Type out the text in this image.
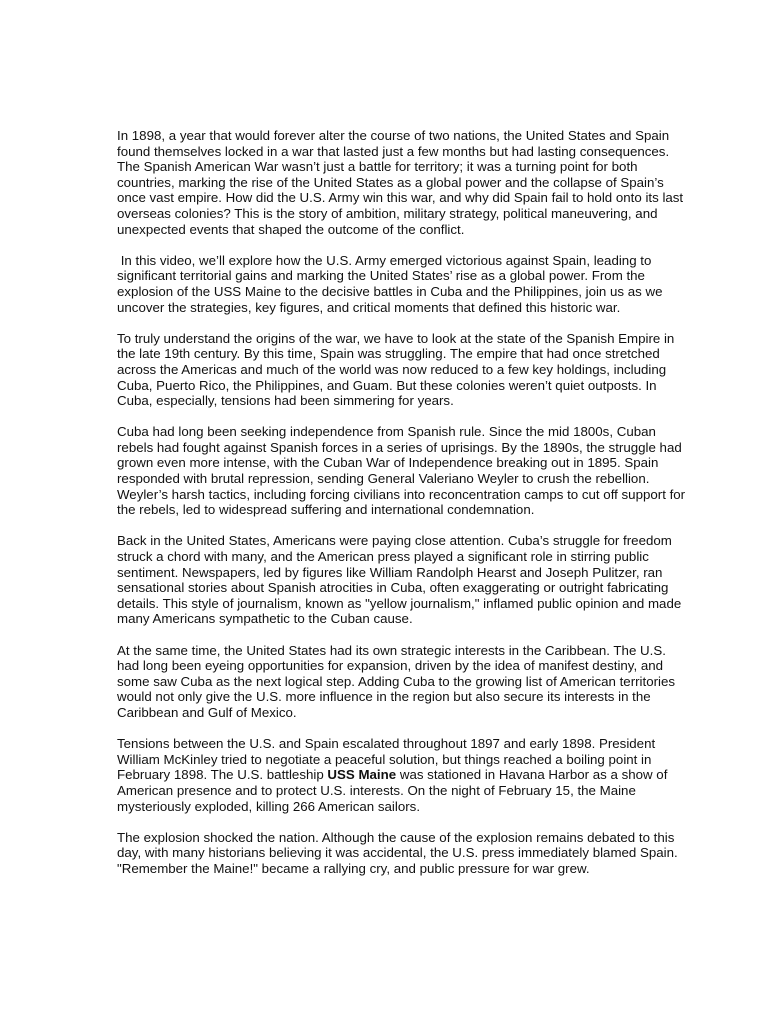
In 1898, a year that would forever alter the course of two nations, the United States and Spain found themselves locked in a war that lasted just a few months but had lasting consequences. The Spanish American War wasn’t just a battle for territory; it was a turning point for both countries, marking the rise of the United States as a global power and the collapse of Spain’s once vast empire. How did the U.S. Army win this war, and why did Spain fail to hold onto its last overseas colonies? This is the story of ambition, military strategy, political maneuvering, and unexpected events that shaped the outcome of the conflict.

In this video, we’ll explore how the U.S. Army emerged victorious against Spain, leading to significant territorial gains and marking the United States’ rise as a global power. From the explosion of the USS Maine to the decisive battles in Cuba and the Philippines, join us as we uncover the strategies, key figures, and critical moments that defined this historic war.

To truly understand the origins of the war, we have to look at the state of the Spanish Empire in the late 19th century. By this time, Spain was struggling. The empire that had once stretched across the Americas and much of the world was now reduced to a few key holdings, including Cuba, Puerto Rico, the Philippines, and Guam. But these colonies weren’t quiet outposts. In Cuba, especially, tensions had been simmering for years.

Cuba had long been seeking independence from Spanish rule. Since the mid 1800s, Cuban rebels had fought against Spanish forces in a series of uprisings. By the 1890s, the struggle had grown even more intense, with the Cuban War of Independence breaking out in 1895. Spain responded with brutal repression, sending General Valeriano Weyler to crush the rebellion. Weyler’s harsh tactics, including forcing civilians into reconcentration camps to cut off support for the rebels, led to widespread suffering and international condemnation.

Back in the United States, Americans were paying close attention. Cuba’s struggle for freedom struck a chord with many, and the American press played a significant role in stirring public sentiment. Newspapers, led by figures like William Randolph Hearst and Joseph Pulitzer, ran sensational stories about Spanish atrocities in Cuba, often exaggerating or outright fabricating details. This style of journalism, known as "yellow journalism," inflamed public opinion and made many Americans sympathetic to the Cuban cause.

At the same time, the United States had its own strategic interests in the Caribbean. The U.S. had long been eyeing opportunities for expansion, driven by the idea of manifest destiny, and some saw Cuba as the next logical step. Adding Cuba to the growing list of American territories would not only give the U.S. more influence in the region but also secure its interests in the Caribbean and Gulf of Mexico.

Tensions between the U.S. and Spain escalated throughout 1897 and early 1898. President William McKinley tried to negotiate a peaceful solution, but things reached a boiling point in February 1898. The U.S. battleship USS Maine was stationed in Havana Harbor as a show of American presence and to protect U.S. interests. On the night of February 15, the Maine mysteriously exploded, killing 266 American sailors.

The explosion shocked the nation. Although the cause of the explosion remains debated to this day, with many historians believing it was accidental, the U.S. press immediately blamed Spain. "Remember the Maine!" became a rallying cry, and public pressure for war grew.
